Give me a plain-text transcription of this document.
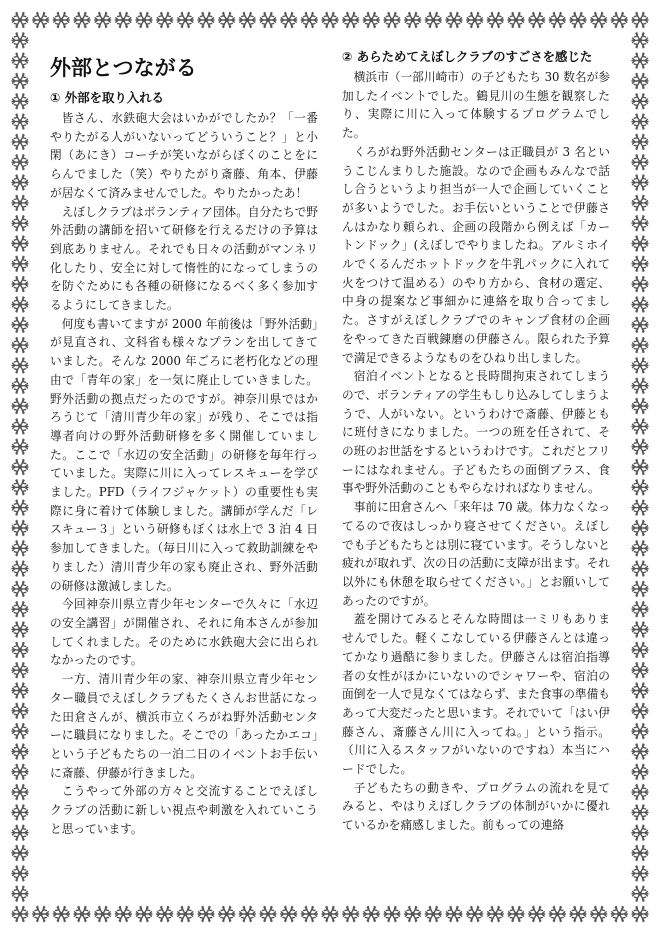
外部とつながる
① 外部を取り入れる

皆さん、水鉄砲大会はいかがでしたか？「一番やりたがる人がいないってどういうこと？」と小閑（あにき）コーチが笑いながらぼくのことをにらんでました（笑）やりたがり斎藤、角本、伊藤が居なくて済みませんでした。やりたかったあ！

えぼしクラブはボランティア団体。自分たちで野外活動の講師を招いて研修を行えるだけの予算は到底ありません。それでも日々の活動がマンネリ化したり、安全に対して惰性的になってしまうのを防ぐためにも各種の研修になるべく多く参加するようにしてきました。

何度も書いてますが 2000 年前後は「野外活動」が見直され、文科省も様々なプランを出してきていました。そんな 2000 年ごろに老朽化などの理由で「青年の家」を一気に廃止していきました。野外活動の拠点だったのですが。神奈川県ではかろうじて「清川青少年の家」が残り、そこでは指導者向けの野外活動研修を多く開催していました。ここで「水辺の安全活動」の研修を毎年行っていました。実際に川に入ってレスキューを学びました。PFD（ライフジャケット）の重要性も実際に身に着けて体験しました。講師が学んだ「レスキュー３」という研修もぼくは水上で 3 泊 4 日参加してきました。（毎日川に入って救助訓練をやりました）清川青少年の家も廃止され、野外活動の研修は激減しました。

今回神奈川県立青少年センターで久々に「水辺の安全講習」が開催され、それに角本さんが参加してくれました。そのために水鉄砲大会に出られなかったのです。

一方、清川青少年の家、神奈川県立青少年センター職員でえぼしクラブもたくさんお世話になった田倉さんが、横浜市立くろがね野外活動センターに職員になりました。そこでの「あったかエコ」という子どもたちの一泊二日のイベントお手伝いに斎藤、伊藤が行きました。

こうやって外部の方々と交流することでえぼしクラブの活動に新しい視点や刺激を入れていこうと思っています。

② あらためてえぼしクラブのすごさを感じた

横浜市（一部川崎市）の子どもたち 30 数名が参加したイベントでした。鶴見川の生態を観察したり、実際に川に入って体験するプログラムでした。

くろがね野外活動センターは正職員が 3 名というこじんまりした施設。なので企画もみんなで話し合うというより担当が一人で企画していくことが多いようでした。お手伝いということで伊藤さんはかなり頼られ、企画の段階から例えば「カートンドック」(えぼしでやりましたね。アルミホイルでくるんだホットドックを牛乳パックに入れて火をつけて温める）のやり方から、食材の選定、中身の提案など事細かに連絡を取り合ってました。さすがえぼしクラブでのキャンプ食材の企画をやってきた百戦錬磨の伊藤さん。限られた予算で満足できるようなものをひねり出しました。

宿泊イベントとなると長時間拘束されてしまうので、ボランティアの学生もしり込みしてしまうようで、人がいない。というわけで斎藤、伊藤ともに班付きになりました。一つの班を任されて、その班のお世話をするというわけです。これだとフリーにはなれません。子どもたちの面倒プラス、食事や野外活動のこともやらなければなりません。

事前に田倉さんへ「来年は 70 歳。体力なくなってるので夜はしっかり寝させてください。えぼしでも子どもたちとは別に寝ています。そうしないと疲れが取れず、次の日の活動に支障が出ます。それ以外にも休憩を取らせてください。」とお願いしてあったのですが。

蓋を開けてみるとそんな時間は一ミリもありませんでした。軽くこなしている伊藤さんとは違ってかなり過酷に参りました。伊藤さんは宿泊指導者の女性がほかにいないのでシャワーや、宿泊の面倒を一人で見なくてはならず、また食事の準備もあって大変だったと思います。それでいて「はい伊藤さん、斎藤さん川に入ってね。」という指示。（川に入るスタッフがいないのですね）本当にハードでした。

子どもたちの動きや、プログラムの流れを見てみると、やはりえぼしクラブの体制がいかに優れているかを痛感しました。前もっての連絡
